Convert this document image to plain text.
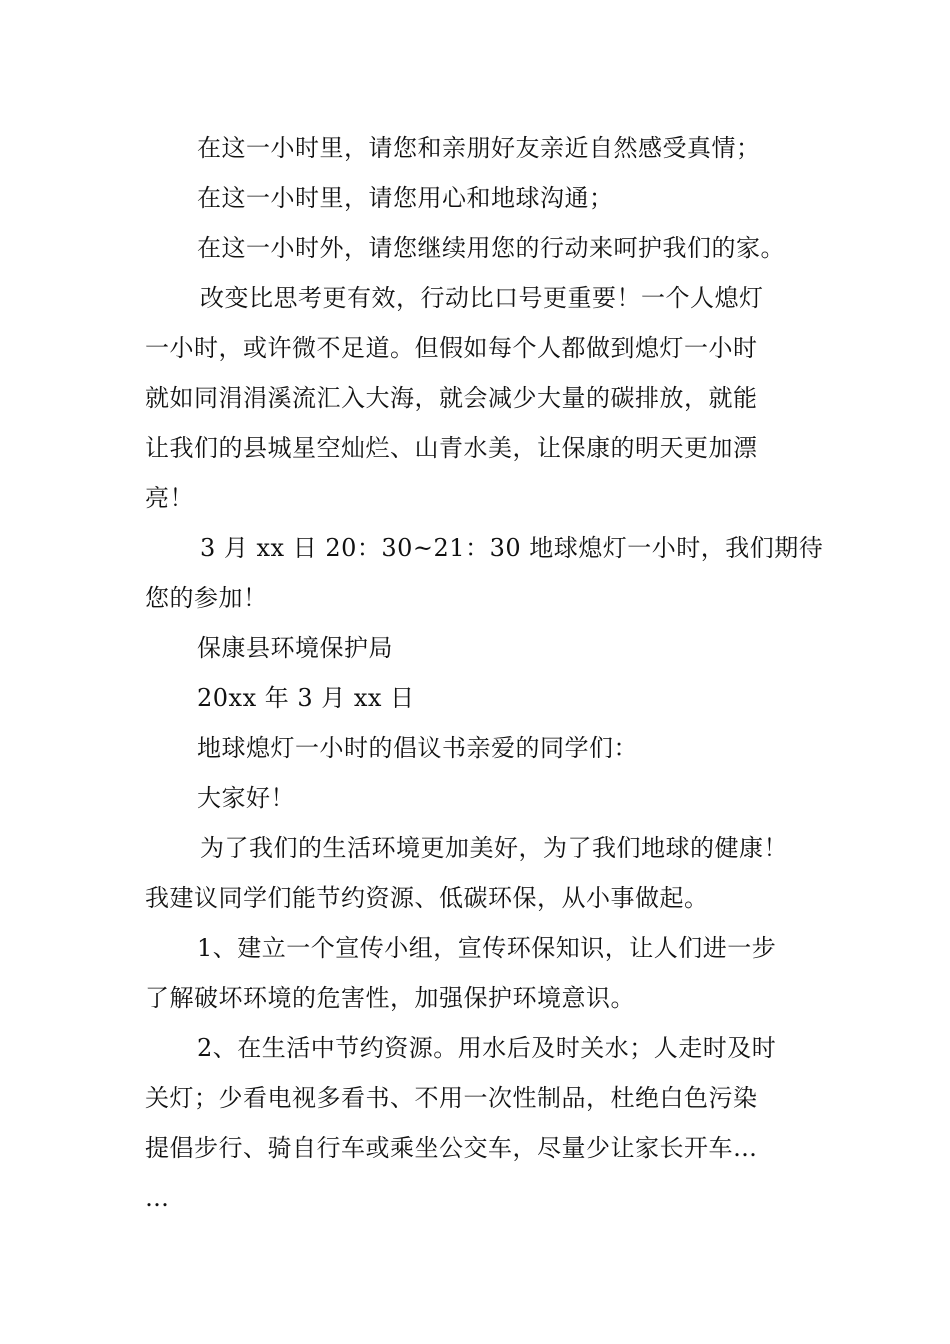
在这一小时里，请您和亲朋好友亲近自然感受真情；
在这一小时里，请您用心和地球沟通；
在这一小时外，请您继续用您的行动来呵护我们的家。
改变比思考更有效，行动比口号更重要！一个人熄灯
一小时，或许微不足道。但假如每个人都做到熄灯一小时
就如同涓涓溪流汇入大海，就会减少大量的碳排放，就能
让我们的县城星空灿烂、山青水美，让保康的明天更加漂
亮！
3 月 xx 日 20：30~21：30 地球熄灯一小时，我们期待
您的参加！
保康县环境保护局
20xx 年 3 月 xx 日
地球熄灯一小时的倡议书亲爱的同学们：
大家好！
为了我们的生活环境更加美好，为了我们地球的健康！
我建议同学们能节约资源、低碳环保，从小事做起。
1、建立一个宣传小组，宣传环保知识，让人们进一步
了解破坏环境的危害性，加强保护环境意识。
2、在生活中节约资源。用水后及时关水；人走时及时
关灯；少看电视多看书、不用一次性制品，杜绝白色污染
提倡步行、骑自行车或乘坐公交车，尽量少让家长开车…
…
